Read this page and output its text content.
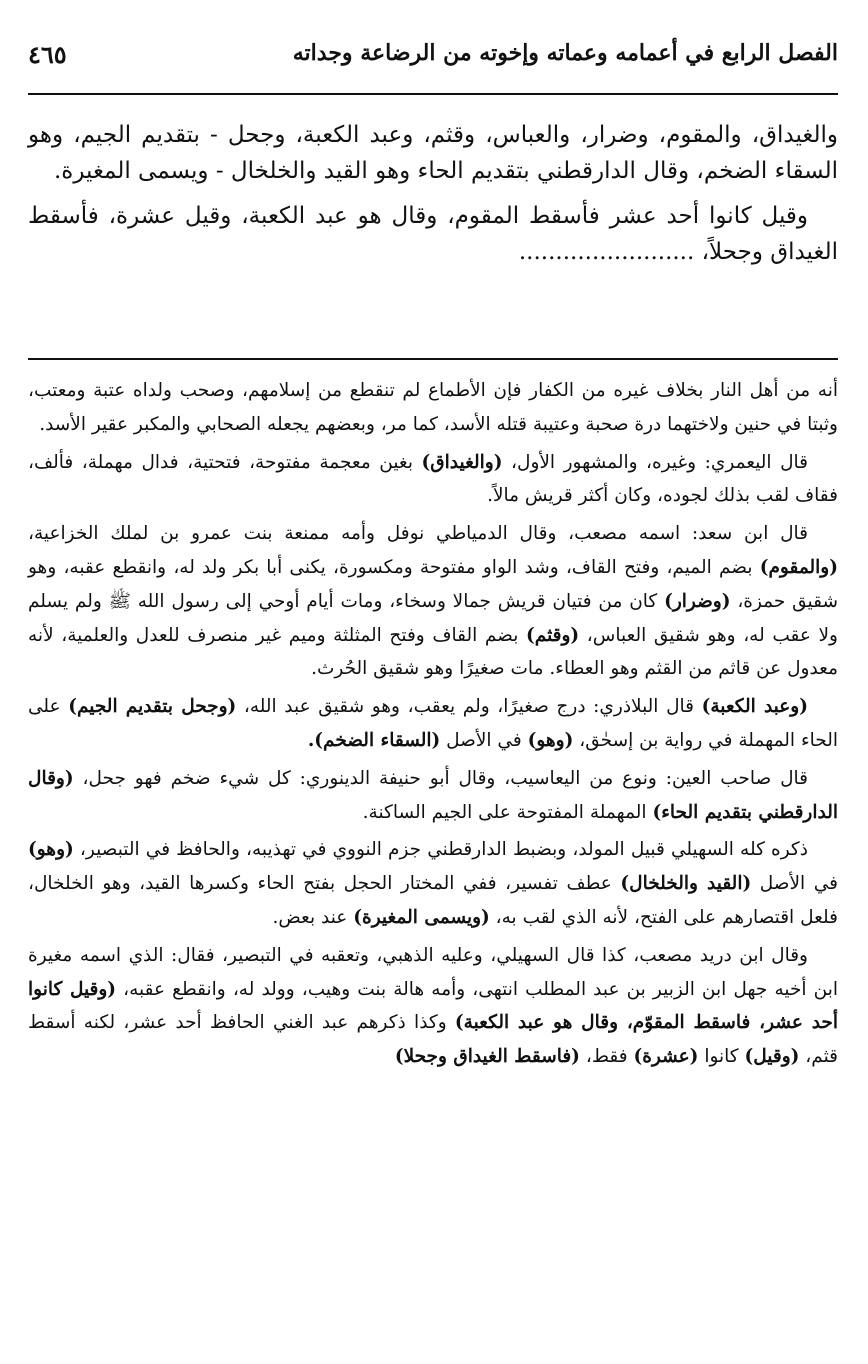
الفصل الرابع في أعمامه وعماته وإخوته من الرضاعة وجداته
٤٦٥

والغيداق، والمقوم، وضرار، والعباس، وقثم، وعبد الكعبة، وجحل - بتقديم الجيم، وهو السقاء الضخم، وقال الدارقطني بتقديم الحاء وهو القيد والخلخال - ويسمى المغيرة.

وقيل كانوا أحد عشر فأسقط المقوم، وقال هو عبد الكعبة، وقيل عشرة، فأسقط الغيداق وجحلاً، ........................

أنه من أهل النار بخلاف غيره من الكفار فإن الأطماع لم تنقطع من إسلامهم، وصحب ولداه عتبة ومعتب، وثبتا في حنين ولاختهما درة صحبة وعتيبة قتله الأسد، كما مر، وبعضهم يجعله الصحابي والمكبر عقير الأسد.

قال اليعمري: وغيره، والمشهور الأول، (والغيداق) بغين معجمة مفتوحة، فتحتية، فدال مهملة، فألف، فقاف لقب بذلك لجوده، وكان أكثر قريش مالاً.

قال ابن سعد: اسمه مصعب، وقال الدمياطي نوفل وأمه ممنعة بنت عمرو بن لملك الخزاعية، (والمقوم) بضم الميم، وفتح القاف، وشد الواو مفتوحة ومكسورة، يكنى أبا بكر ولد له، وانقطع عقبه، وهو شقيق حمزة، (وضرار) كان من فتيان قريش جمالا وسخاء، ومات أيام أوحي إلى رسول الله ﷺ ولم يسلم ولا عقب له، وهو شقيق العباس، (وقثم) بضم القاف وفتح المثلثة وميم غير منصرف للعدل والعلمية، لأنه معدول عن قاثم من القثم وهو العطاء. مات صغيرًا وهو شقيق الحُرث.

(وعبد الكعبة) قال البلاذري: درج صغيرًا، ولم يعقب، وهو شقيق عبد الله، (وجحل بتقديم الجيم) على الحاء المهملة في رواية بن إسحٰق، (وهو) في الأصل (السقاء الضخم).

قال صاحب العين: ونوع من اليعاسيب، وقال أبو حنيفة الدينوري: كل شيء ضخم فهو جحل، (وقال الدارقطني بتقديم الحاء) المهملة المفتوحة على الجيم الساكنة.

ذكره كله السهيلي قبيل المولد، وبضبط الدارقطني جزم النووي في تهذيبه، والحافظ في التبصير، (وهو) في الأصل (القيد والخلخال) عطف تفسير، ففي المختار الحجل بفتح الحاء وكسرها القيد، وهو الخلخال، فلعل اقتصارهم على الفتح، لأنه الذي لقب به، (ويسمى المغيرة) عند بعض.

وقال ابن دريد مصعب، كذا قال السهيلي، وعليه الذهبي، وتعقبه في التبصير، فقال: الذي اسمه مغيرة ابن أخيه جهل ابن الزبير بن عبد المطلب انتهى، وأمه هالة بنت وهيب، وولد له، وانقطع عقبه، (وقيل كانوا أحد عشر، فاسقط المقوّم، وقال هو عبد الكعبة) وكذا ذكرهم عبد الغني الحافظ أحد عشر، لكنه أسقط قثم، (وقيل) كانوا (عشرة) فقط، (فاسقط الغيداق وجحلا)
